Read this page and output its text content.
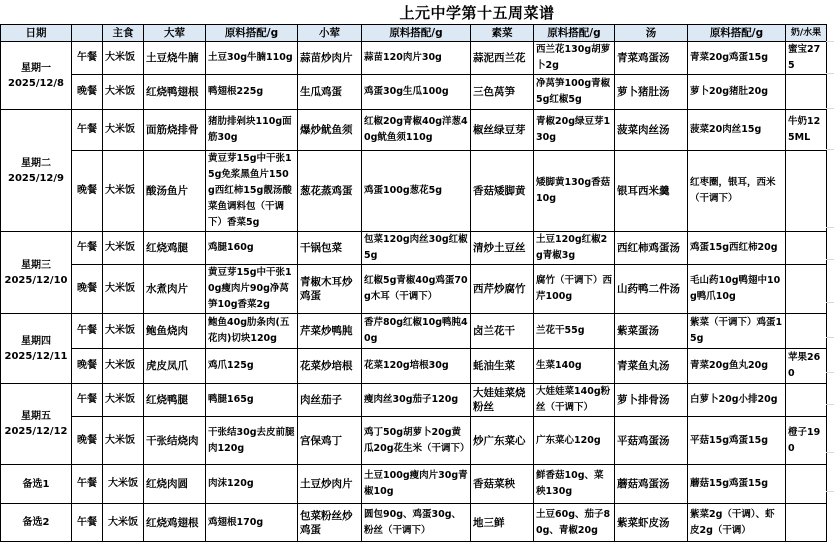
上元中学第十五周菜谱
日期		主食	大荤	原料搭配/g	小荤	原料搭配/g	素菜	原料搭配/g	汤	原料搭配/g	奶/水果

星期一
2025/12/8	午餐	大米饭	土豆烧牛腩	土豆30g牛腩110g	蒜苗炒肉片	蒜苗120肉片30g	蒜泥西兰花	西兰花130g胡萝卜2g	青菜鸡蛋汤	青菜20g鸡蛋15g	蜜宝275
	晚餐	大米饭	红烧鸭翅根	鸭翅根225g	生瓜鸡蛋	鸡蛋30g生瓜100g	三色莴笋	净莴笋100g青椒5g红椒5g	萝卜猪肚汤	萝卜20g猪肚20g	

星期二
2025/12/9	午餐	大米饭	面筋烧排骨	猪肋排剁块110g面筋30g	爆炒鱿鱼须	红椒20g青椒40g洋葱40g鱿鱼须110g	椒丝绿豆芽	青椒20g绿豆芽130g	菠菜肉丝汤	菠菜20肉丝15g	牛奶125ML
	晚餐	大米饭	酸汤鱼片	黄豆芽15g中干张15g免浆黑鱼片150g西红柿15g靓汤酸菜鱼调料包（干调下）香菜5g	葱花蒸鸡蛋	鸡蛋100g葱花5g	香菇矮脚黄	矮脚黄130g香菇10g	银耳西米羹	红枣圈，银耳，西米（干调下）	

星期三
2025/12/10	午餐	大米饭	红烧鸡腿	鸡腿160g	干锅包菜	包菜120g肉丝30g红椒5g	清炒土豆丝	土豆120g红椒2g青椒3g	西红柿鸡蛋汤	鸡蛋15g西红柿20g	
	晚餐	大米饭	水煮肉片	黄豆芽15g中干张10g瘦肉片90g净莴笋10g香菜2g	青椒木耳炒鸡蛋	红椒5g青椒40g鸡蛋70g木耳（干调下）	西芹炒腐竹	腐竹（干调下）西芹100g	山药鸭二件汤	毛山药10g鸭翅中10g鸭爪10g	

星期四
2025/12/11	午餐	大米饭	鲍鱼烧肉	鲍鱼40g肋条肉(五花肉)切块120g	芹菜炒鸭肫	香芹80g红椒10g鸭肫40g	卤兰花干	兰花干55g	紫菜蛋汤	紫菜（干调下）鸡蛋15g	
	晚餐	大米饭	虎皮凤爪	鸡爪125g	花菜炒培根	花菜120g培根30g	蚝油生菜	生菜140g	青菜鱼丸汤	青菜20g鱼丸20g	苹果260

星期五
2025/12/12	午餐	大米饭	红烧鸭腿	鸭腿165g	肉丝茄子	瘦肉丝30g茄子120g	大娃娃菜烧粉丝	大娃娃菜140g粉丝（干调下）	萝卜排骨汤	白萝卜20g小排20g	
	晚餐	大米饭	干张结烧肉	干张结30g去皮前腿肉120g	宫保鸡丁	鸡丁50g胡萝卜20g黄瓜20g花生米（干调下）	炒广东菜心	广东菜心120g	平菇鸡蛋汤	平菇15g鸡蛋15g	橙子190
备选1	午餐	大米饭	红烧肉圆	肉沫120g	土豆炒肉片	土豆100g瘦肉片30g青椒10g	香菇菜秧	鲜香菇10g、菜秧130g	蘑菇鸡蛋汤	蘑菇15g鸡蛋15g	
备选2	午餐	大米饭	红烧鸡翅根	鸡翅根170g	包菜粉丝炒鸡蛋	圆包90g、鸡蛋30g、粉丝（干调下）	地三鲜	土豆60g、茄子80g、青椒20g	紫菜虾皮汤	紫菜2g（干调）、虾皮2g（干调）	
